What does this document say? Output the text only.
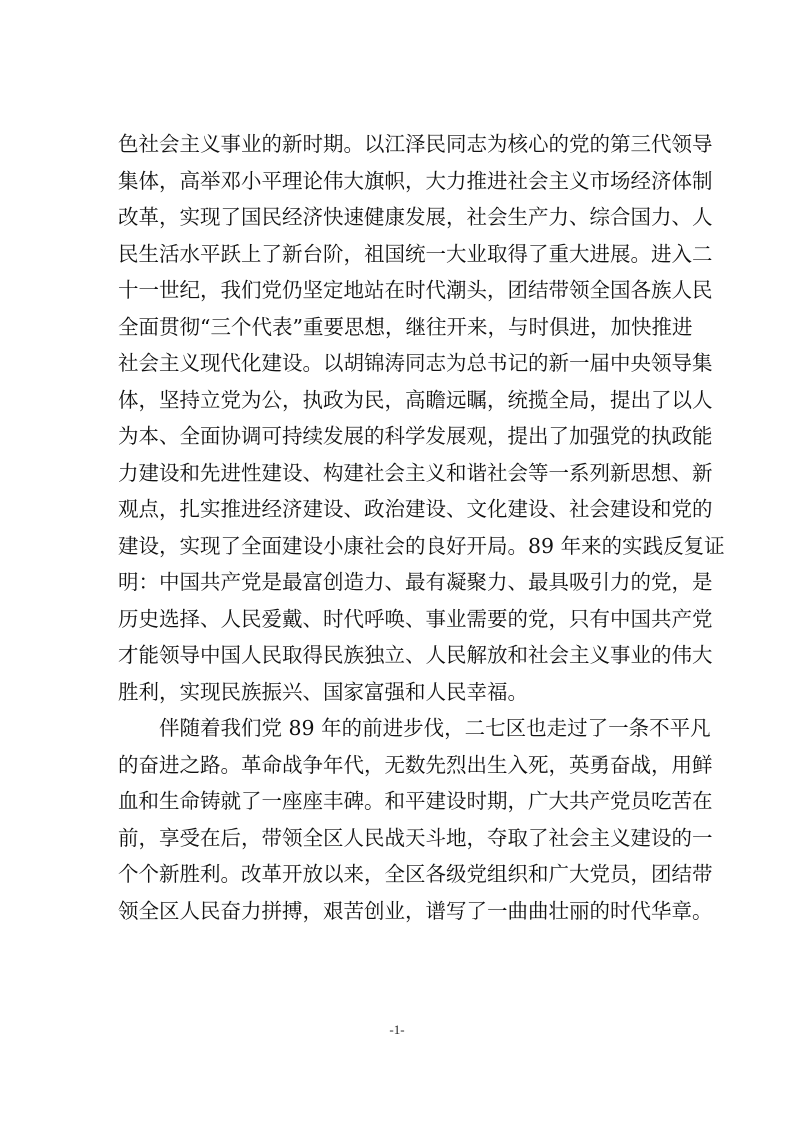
色社会主义事业的新时期。以江泽民同志为核心的党的第三代领导
集体，高举邓小平理论伟大旗帜，大力推进社会主义市场经济体制
改革，实现了国民经济快速健康发展，社会生产力、综合国力、人
民生活水平跃上了新台阶，祖国统一大业取得了重大进展。进入二
十一世纪，我们党仍坚定地站在时代潮头，团结带领全国各族人民
全面贯彻“三个代表”重要思想，继往开来，与时俱进，加快推进
社会主义现代化建设。以胡锦涛同志为总书记的新一届中央领导集
体，坚持立党为公，执政为民，高瞻远瞩，统揽全局，提出了以人
为本、全面协调可持续发展的科学发展观，提出了加强党的执政能
力建设和先进性建设、构建社会主义和谐社会等一系列新思想、新
观点，扎实推进经济建设、政治建设、文化建设、社会建设和党的
建设，实现了全面建设小康社会的良好开局。89 年来的实践反复证
明：中国共产党是最富创造力、最有凝聚力、最具吸引力的党，是
历史选择、人民爱戴、时代呼唤、事业需要的党，只有中国共产党
才能领导中国人民取得民族独立、人民解放和社会主义事业的伟大
胜利，实现民族振兴、国家富强和人民幸福。
伴随着我们党 89 年的前进步伐，二七区也走过了一条不平凡
的奋进之路。革命战争年代，无数先烈出生入死，英勇奋战，用鲜
血和生命铸就了一座座丰碑。和平建设时期，广大共产党员吃苦在
前，享受在后，带领全区人民战天斗地，夺取了社会主义建设的一
个个新胜利。改革开放以来，全区各级党组织和广大党员，团结带
领全区人民奋力拼搏，艰苦创业，谱写了一曲曲壮丽的时代华章。
-1-
